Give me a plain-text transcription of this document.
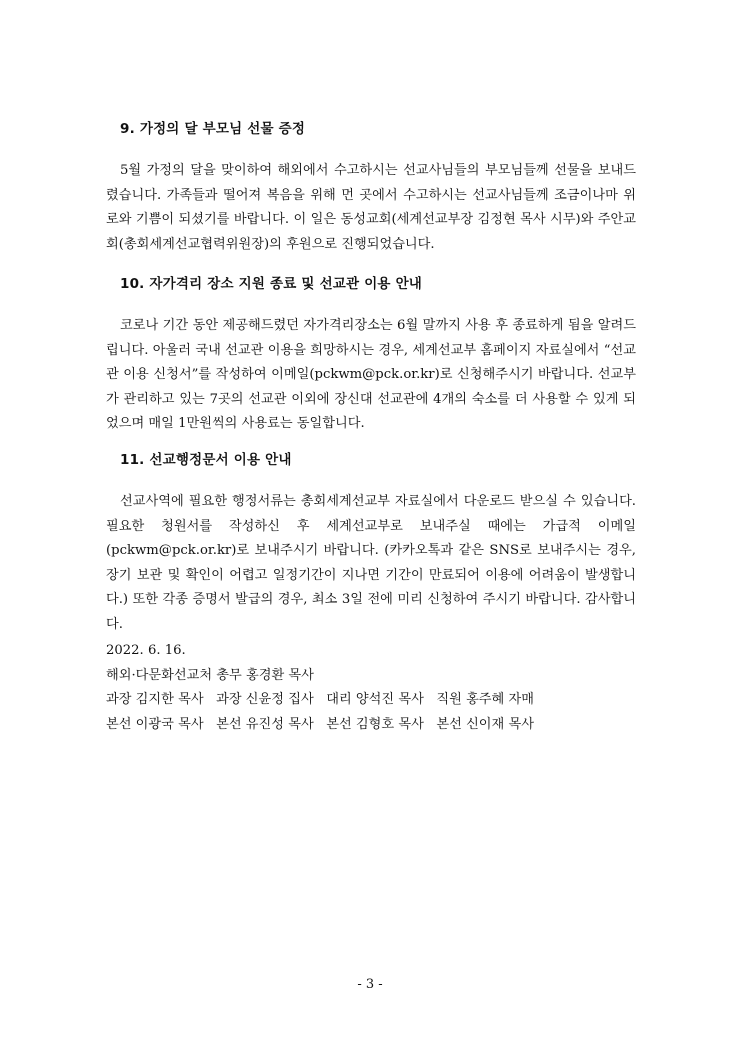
9. 가정의 달 부모님 선물 증정

5월 가정의 달을 맞이하여 해외에서 수고하시는 선교사님들의 부모님들께 선물을 보내드렸습니다. 가족들과 떨어져 복음을 위해 먼 곳에서 수고하시는 선교사님들께 조금이나마 위로와 기쁨이 되셨기를 바랍니다. 이 일은 동성교회(세계선교부장 김정현 목사 시무)와 주안교회(총회세계선교협력위원장)의 후원으로 진행되었습니다.

10. 자가격리 장소 지원 종료 및 선교관 이용 안내

코로나 기간 동안 제공해드렸던 자가격리장소는 6월 말까지 사용 후 종료하게 됨을 알려드립니다. 아울러 국내 선교관 이용을 희망하시는 경우, 세계선교부 홈페이지 자료실에서 “선교관 이용 신청서”를 작성하여 이메일(pckwm@pck.or.kr)로 신청해주시기 바랍니다. 선교부가 관리하고 있는 7곳의 선교관 이외에 장신대 선교관에 4개의 숙소를 더 사용할 수 있게 되었으며 매일 1만원씩의 사용료는 동일합니다.

11. 선교행정문서 이용 안내

선교사역에 필요한 행정서류는 총회세계선교부 자료실에서 다운로드 받으실 수 있습니다. 필요한 청원서를 작성하신 후 세계선교부로 보내주실 때에는 가급적 이메일(pckwm@pck.or.kr)로 보내주시기 바랍니다. (카카오톡과 같은 SNS로 보내주시는 경우, 장기 보관 및 확인이 어렵고 일정기간이 지나면 기간이 만료되어 이용에 어려움이 발생합니다.) 또한 각종 증명서 발급의 경우, 최소 3일 전에 미리 신청하여 주시기 바랍니다. 감사합니다.

2022. 6. 16.
해외·다문화선교처 총무 홍경환 목사
과장 김지한 목사   과장 신윤정 집사   대리 양석진 목사   직원 홍주혜 자매
본선 이광국 목사   본선 유진성 목사   본선 김형호 목사   본선 신이재 목사
- 3 -
